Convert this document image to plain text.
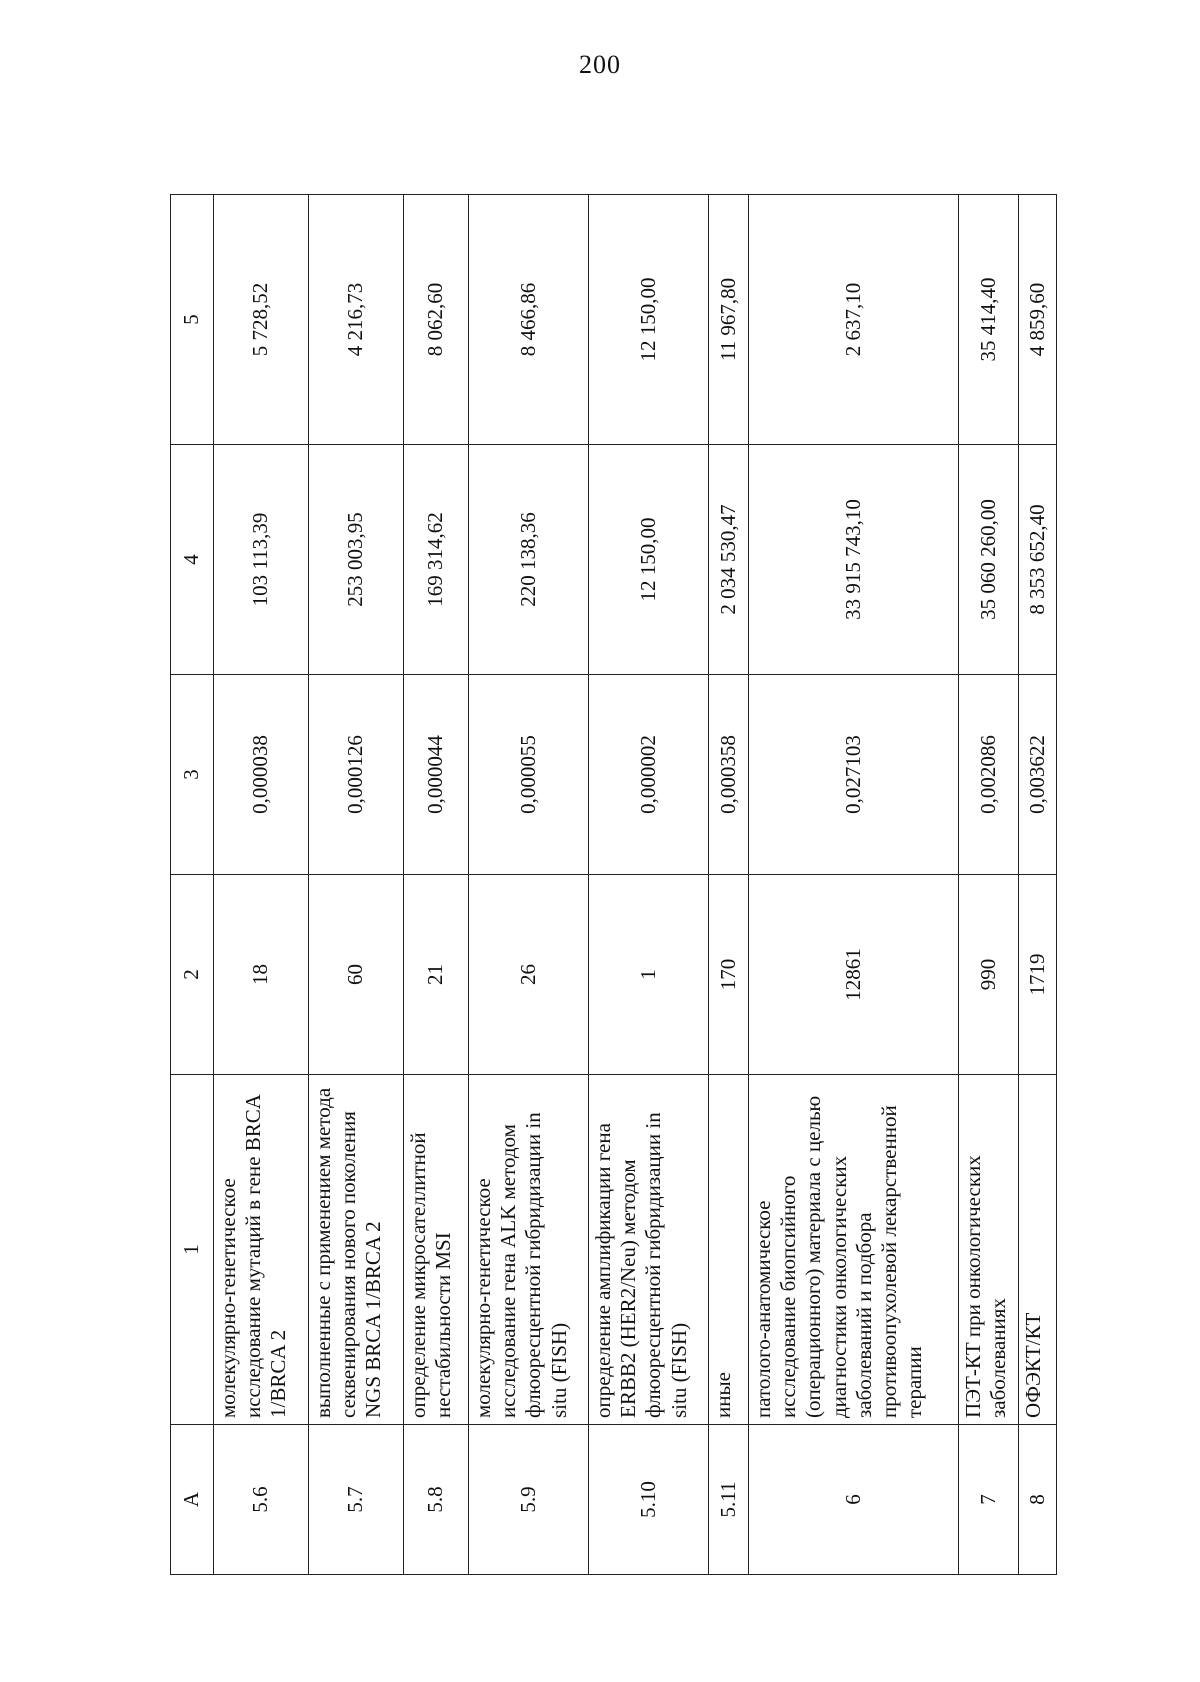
200
A	1	2	3	4	5
5.6	молекулярно-генетическое исследование мутаций в гене BRCA 1/BRCA 2	18	0,000038	103 113,39	5 728,52
5.7	выполненные с применением метода секвенирования нового поколения NGS BRCA 1/BRCA 2	60	0,000126	253 003,95	4 216,73
5.8	определение микросателлитной нестабильности MSI	21	0,000044	169 314,62	8 062,60
5.9	молекулярно-генетическое исследование гена ALK методом флюоресцентной гибридизации in situ (FISH)	26	0,000055	220 138,36	8 466,86
5.10	определение амплификации гена ERBB2 (HER2/Neu) методом флюоресцентной гибридизации in situ (FISH)	1	0,000002	12 150,00	12 150,00
5.11	иные	170	0,000358	2 034 530,47	11 967,80
6	патолого-анатомическое исследование биопсийного (операционного) материала с целью диагностики онкологических заболеваний и подбора противоопухолевой лекарственной терапии	12861	0,027103	33 915 743,10	2 637,10
7	ПЭТ-КТ при онкологических заболеваниях	990	0,002086	35 060 260,00	35 414,40
8	ОФЭКТ/КТ	1719	0,003622	8 353 652,40	4 859,60
